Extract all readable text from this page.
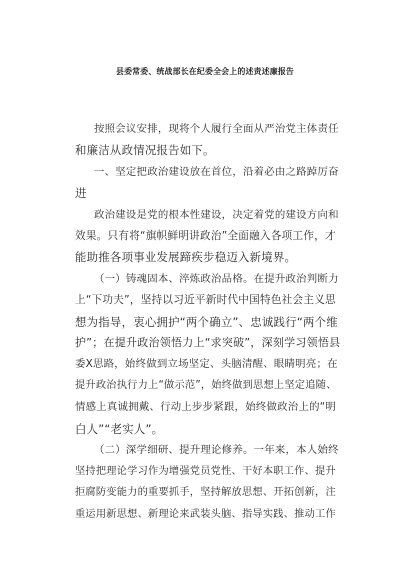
县委常委、统战部长在纪委全会上的述责述廉报告
按照会议安排，现将个人履行全面从严治党主体责任
和廉洁从政情况报告如下。
一、坚定把政治建设放在首位，沿着必由之路踔厉奋
进
政治建设是党的根本性建设，决定着党的建设方向和
效果。只有将“旗帜鲜明讲政治”全面融入各项工作，才
能助推各项事业发展蹄疾步稳迈入新境界。
（一）铸魂固本、淬炼政治品格。在提升政治判断力
上“下功夫”，坚持以习近平新时代中国特色社会主义思
想为指导，衷心拥护“两个确立”、忠诚践行“两个维
护”；在提升政治领悟力上“求突破”，深刻学习领悟县
委X思路，始终做到立场坚定、头脑清醒、眼睛明亮；在
提升政治执行力上“做示范”，始终做到思想上坚定追随、
情感上真诚拥戴、行动上步步紧跟，始终做政治上的“明
白人”“老实人”。
（二）深学细研、提升理论修养。一年来，本人始终
坚持把理论学习作为增强党员党性、干好本职工作、提升
拒腐防变能力的重要抓手，坚持解放思想、开拓创新，注
重运用新思想、新理论来武装头脑、指导实践、推动工作
